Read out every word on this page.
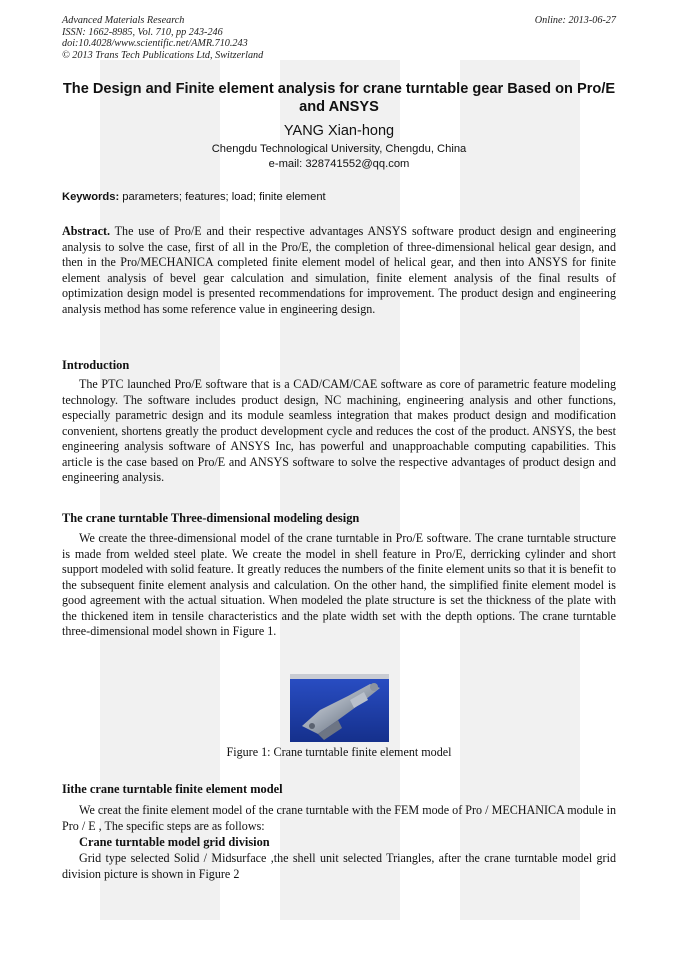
Advanced Materials Research
ISSN: 1662-8985, Vol. 710, pp 243-246
doi:10.4028/www.scientific.net/AMR.710.243
© 2013 Trans Tech Publications Ltd, Switzerland
Online: 2013-06-27
The Design and Finite element analysis for crane turntable gear Based on Pro/E and ANSYS
YANG Xian-hong
Chengdu Technological University, Chengdu, China
e-mail: 328741552@qq.com
Keywords: parameters; features; load; finite element
Abstract. The use of Pro/E and their respective advantages ANSYS software product design and engineering analysis to solve the case, first of all in the Pro/E, the completion of three-dimensional helical gear design, and then in the Pro/MECHANICA completed finite element model of helical gear, and then into ANSYS for finite element analysis of bevel gear calculation and simulation, finite element analysis of the final results of optimization design model is presented recommendations for improvement. The product design and engineering analysis method has some reference value in engineering design.
Introduction
The PTC launched Pro/E software that is a CAD/CAM/CAE software as core of parametric feature modeling technology. The software includes product design, NC machining, engineering analysis and other functions, especially parametric design and its module seamless integration that makes product design and modification convenient, shortens greatly the product development cycle and reduces the cost of the product. ANSYS, the best engineering analysis software of ANSYS Inc, has powerful and unapproachable computing capabilities. This article is the case based on Pro/E and ANSYS software to solve the respective advantages of product design and engineering analysis.
The crane turntable Three-dimensional modeling design
We create the three-dimensional model of the crane turntable in Pro/E software. The crane turntable structure is made from welded steel plate. We create the model in shell feature in Pro/E, derricking cylinder and short support modeled with solid feature. It greatly reduces the numbers of the finite element units so that it is benefit to the subsequent finite element analysis and calculation. On the other hand, the simplified finite element model is good agreement with the actual situation. When modeled the plate structure is set the thickness of the plate with the thickened item in tensile characteristics and the plate width set with the depth options. The crane turntable three-dimensional model shown in Figure 1.
Figure 1: Crane turntable finite element model
Iithe crane turntable finite element model
We creat the finite element model of the crane turntable with the FEM mode of Pro / MECHANICA module in Pro / E , The specific steps are as follows:
Crane turntable model grid division
Grid type selected Solid / Midsurface ,the shell unit selected Triangles, after the crane turntable model grid division picture is shown in Figure 2
